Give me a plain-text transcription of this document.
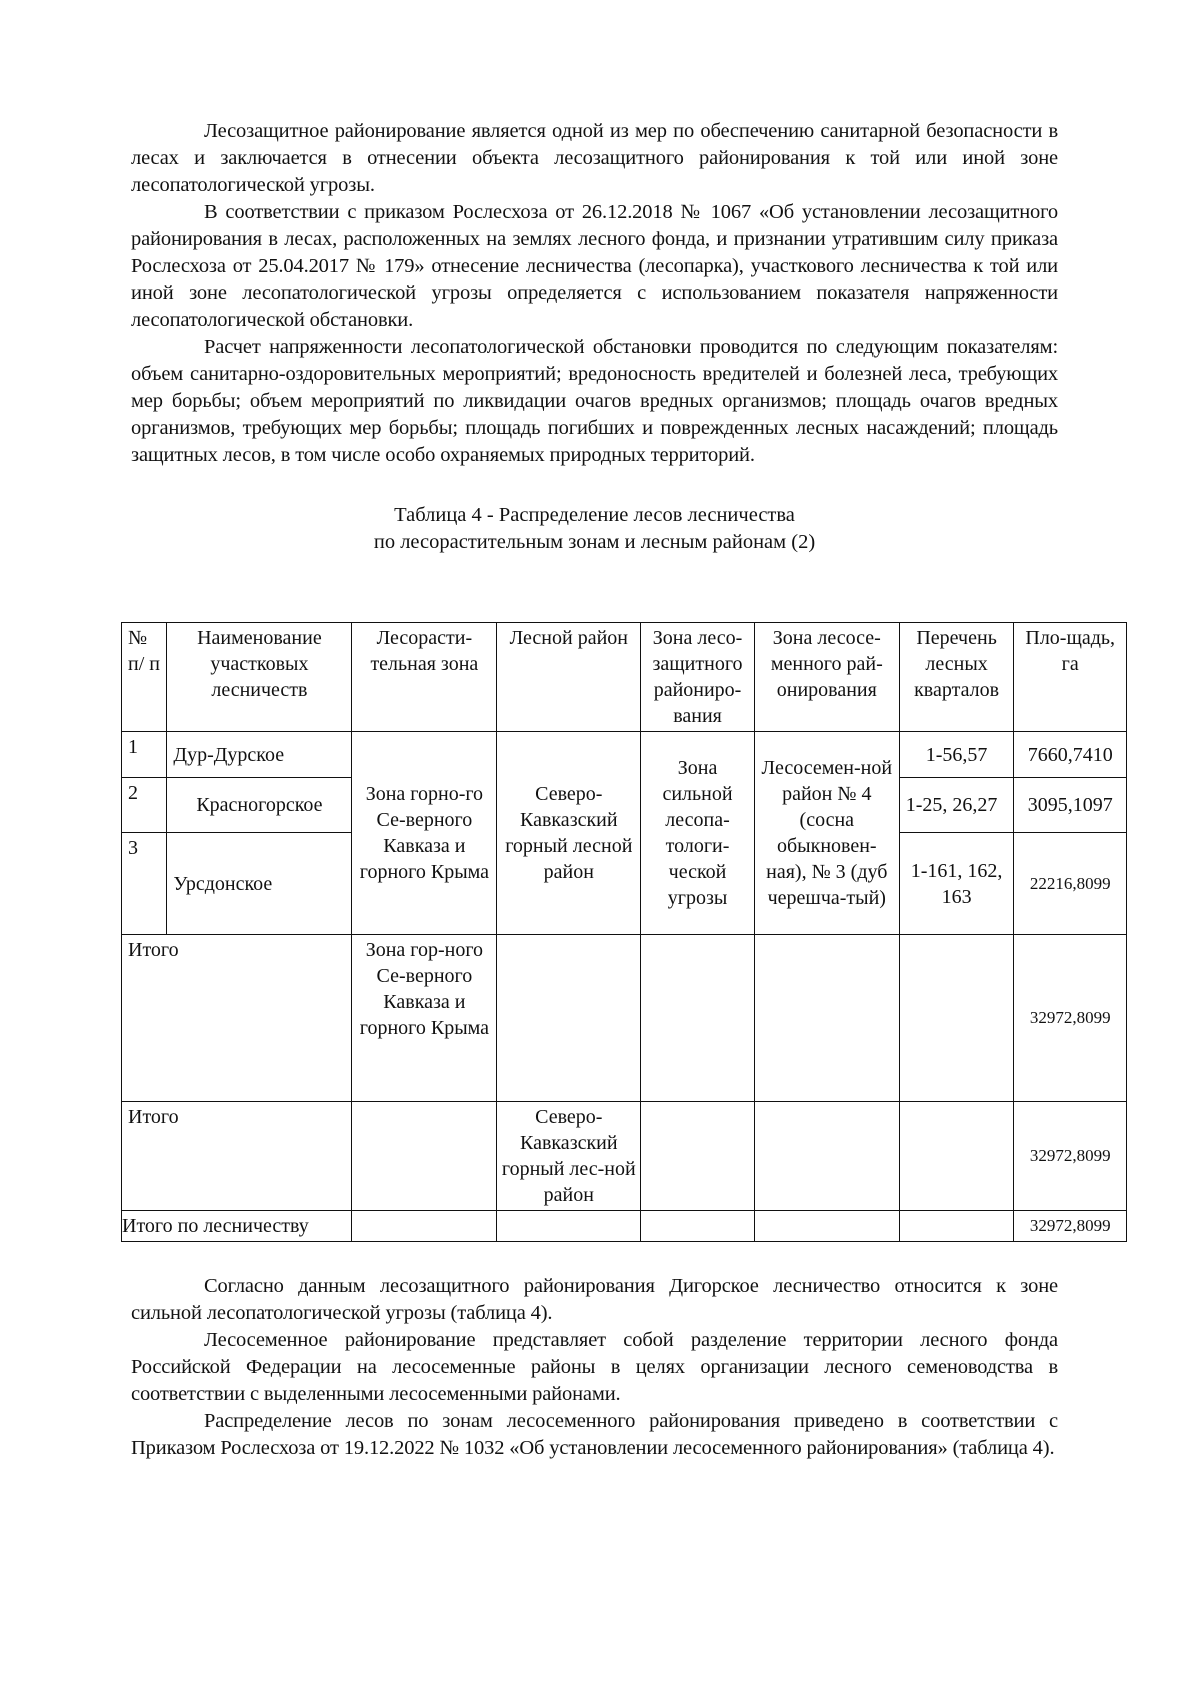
Лесозащитное районирование является одной из мер по обеспечению санитарной безопасности в лесах и заключается в отнесении объекта лесозащитного районирования к той или иной зоне лесопатологической угрозы.

В соответствии с приказом Рослесхоза от 26.12.2018 № 1067 «Об установлении лесозащитного районирования в лесах, расположенных на землях лесного фонда, и признании утратившим силу приказа Рослесхоза от 25.04.2017 № 179» отнесение лесничества (лесопарка), участкового лесничества к той или иной зоне лесопатологической угрозы определяется с использованием показателя напряженности лесопатологической обстановки.

Расчет напряженности лесопатологической обстановки проводится по следующим показателям: объем санитарно-оздоровительных мероприятий; вредоносность вредителей и болезней леса, требующих мер борьбы; объем мероприятий по ликвидации очагов вредных организмов; площадь очагов вредных организмов, требующих мер борьбы; площадь погибших и поврежденных лесных насаждений; площадь защитных лесов, в том числе особо охраняемых природных территорий.

Таблица 4 - Распределение лесов лесничества
по лесорастительным зонам и лесным районам (2)
№ п/ п	Наименование участковых лесничеств	Лесорасти-тельная зона	Лесной район	Зона лесо-защитного райониро-вания	Зона лесосе-менного рай-онирования	Перечень лесных кварталов	Пло-щадь, га
1	Дур-Дурское	Зона горно-го Се-верного Кавказа и горного Крыма	Северо-Кавказский горный лесной район	Зона сильной лесопа-тологи-ческой угрозы	Лесосемен-ной район № 4 (сосна обыкновен-ная), № 3 (дуб черешча-тый)	1-56,57	7660,7410
2	Красногорское					1-25, 26,27	3095,1097
3	Урсдонское					1-161, 162, 163	22216,8099
Итого		Зона гор-ного Се-верного Кавказа и горного Крыма					32972,8099
Итого			Северо-Кавказский горный лес-ной район				32972,8099
Итого по лесничеству							32972,8099

Согласно данным лесозащитного районирования Дигорское лесничество относится к зоне сильной лесопатологической угрозы (таблица 4).

Лесосеменное районирование представляет собой разделение территории лесного фонда Российской Федерации на лесосеменные районы в целях организации лесного семеноводства в соответствии с выделенными лесосеменными районами.

Распределение лесов по зонам лесосеменного районирования приведено в соответствии с Приказом Рослесхоза от 19.12.2022 № 1032 «Об установлении лесосеменного районирования» (таблица 4).
